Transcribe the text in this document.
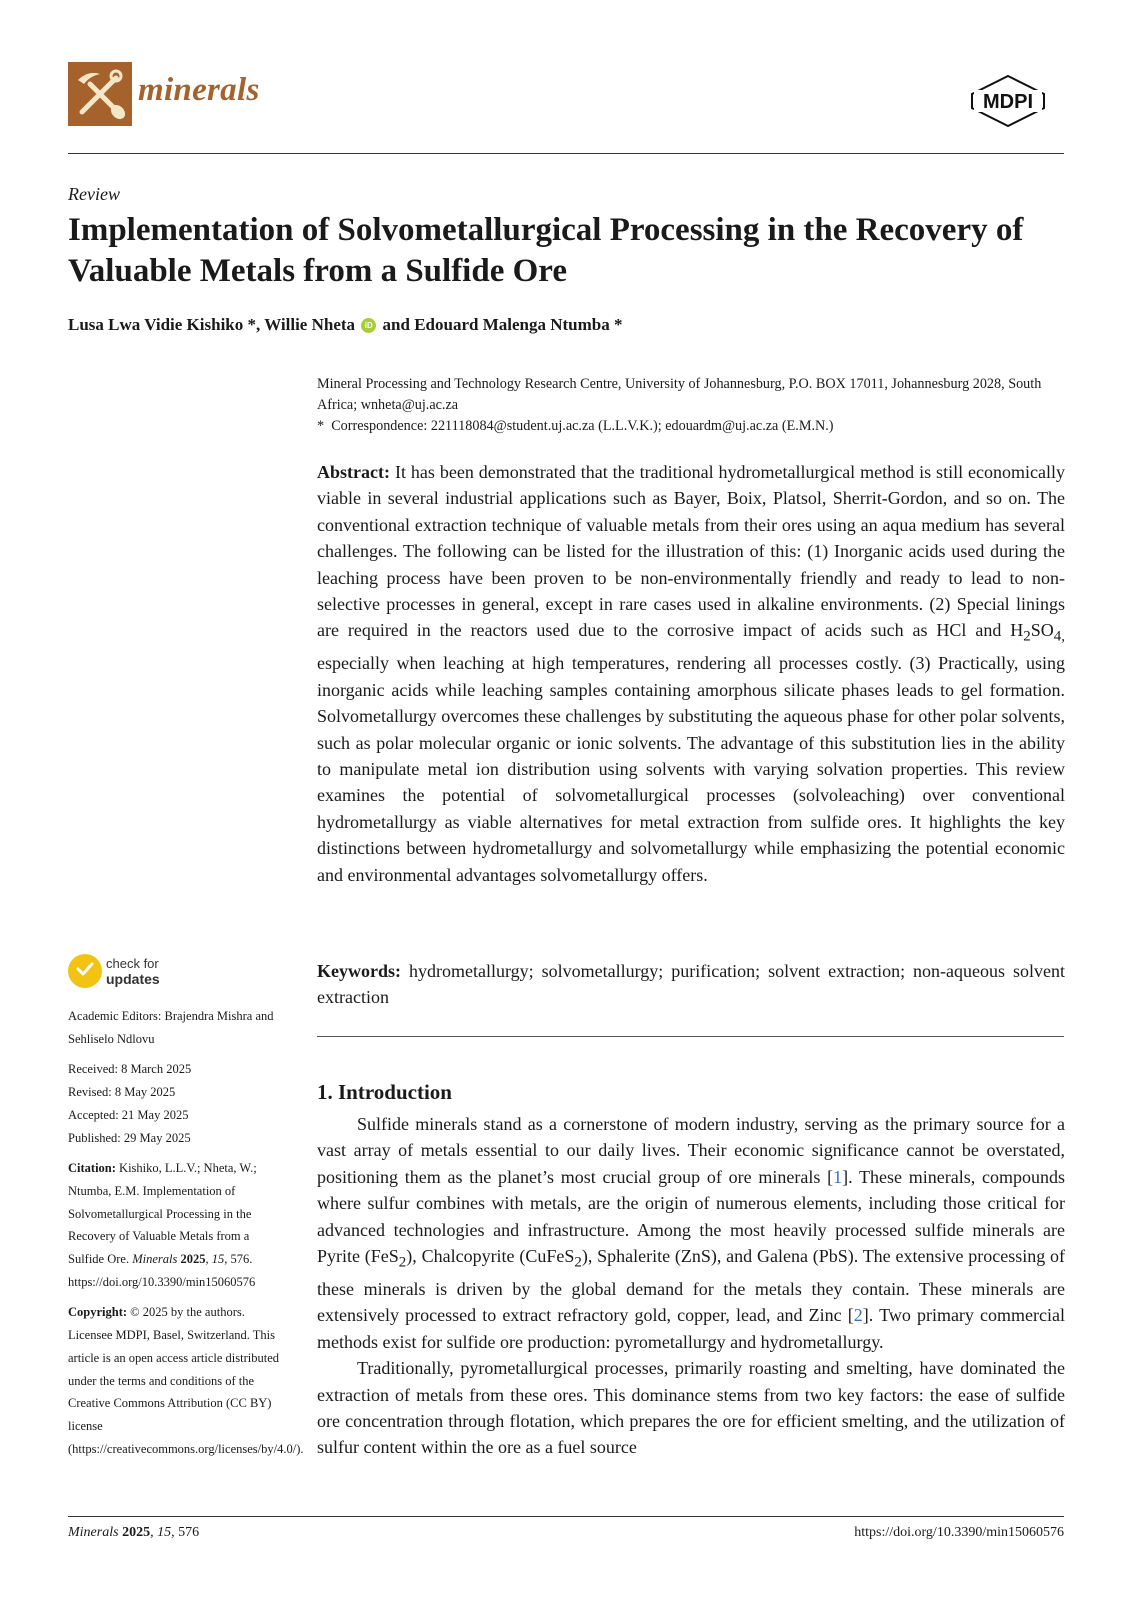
minerals	MDPI
Review
Implementation of Solvometallurgical Processing in the Recovery of Valuable Metals from a Sulfide Ore
Lusa Lwa Vidie Kishiko *, Willie Nheta iD and Edouard Malenga Ntumba *
Mineral Processing and Technology Research Centre, University of Johannesburg, P.O. BOX 17011, Johannesburg 2028, South Africa; wnheta@uj.ac.za
* Correspondence: 221118084@student.uj.ac.za (L.L.V.K.); edouardm@uj.ac.za (E.M.N.)
Abstract: It has been demonstrated that the traditional hydrometallurgical method is still economically viable in several industrial applications such as Bayer, Boix, Platsol, Sherrit-Gordon, and so on. The conventional extraction technique of valuable metals from their ores using an aqua medium has several challenges. The following can be listed for the illustration of this: (1) Inorganic acids used during the leaching process have been proven to be non-environmentally friendly and ready to lead to non-selective processes in general, except in rare cases used in alkaline environments. (2) Special linings are required in the reactors used due to the corrosive impact of acids such as HCl and $H_2SO_{4,}$ especially when leaching at high temperatures, rendering all processes costly. (3) Practically, using inorganic acids while leaching samples containing amorphous silicate phases leads to gel formation. Solvometallurgy overcomes these challenges by substituting the aqueous phase for other polar solvents, such as polar molecular organic or ionic solvents. The advantage of this substitution lies in the ability to manipulate metal ion distribution using solvents with varying solvation properties. This review examines the potential of solvometallurgical processes (solvoleaching) over conventional hydrometallurgy as viable alternatives for metal extraction from sulfide ores. It highlights the key distinctions between hydrometallurgy and solvometallurgy while emphasizing the potential economic and environmental advantages solvometallurgy offers.
Keywords: hydrometallurgy; solvometallurgy; purification; solvent extraction; non-aqueous solvent extraction
1. Introduction

Sulfide minerals stand as a cornerstone of modern industry, serving as the primary source for a vast array of metals essential to our daily lives. Their economic significance cannot be overstated, positioning them as the planet’s most crucial group of ore minerals [1]. These minerals, compounds where sulfur combines with metals, are the origin of numerous elements, including those critical for advanced technologies and infrastructure. Among the most heavily processed sulfide minerals are Pyrite (FeS$_2$), Chalcopyrite (CuFeS$_2$), Sphalerite (ZnS), and Galena (PbS). The extensive processing of these minerals is driven by the global demand for the metals they contain. These minerals are extensively processed to extract refractory gold, copper, lead, and Zinc [2]. Two primary commercial methods exist for sulfide ore production: pyrometallurgy and hydrometallurgy.

Traditionally, pyrometallurgical processes, primarily roasting and smelting, have dominated the extraction of metals from these ores. This dominance stems from two key factors: the ease of sulfide ore concentration through flotation, which prepares the ore for efficient smelting, and the utilization of sulfur content within the ore as a fuel source

check for
updates
Academic Editors: Brajendra Mishra and Sehliselo Ndlovu
Received: 8 March 2025
Revised: 8 May 2025
Accepted: 21 May 2025
Published: 29 May 2025
Citation: Kishiko, L.L.V.; Nheta, W.; Ntumba, E.M. Implementation of Solvometallurgical Processing in the Recovery of Valuable Metals from a Sulfide Ore. Minerals 2025, 15, 576. https://doi.org/10.3390/min15060576
Copyright: © 2025 by the authors. Licensee MDPI, Basel, Switzerland. This article is an open access article distributed under the terms and conditions of the Creative Commons Attribution (CC BY) license (https://creativecommons.org/licenses/by/4.0/).
Minerals 2025, 15, 576	https://doi.org/10.3390/min15060576
